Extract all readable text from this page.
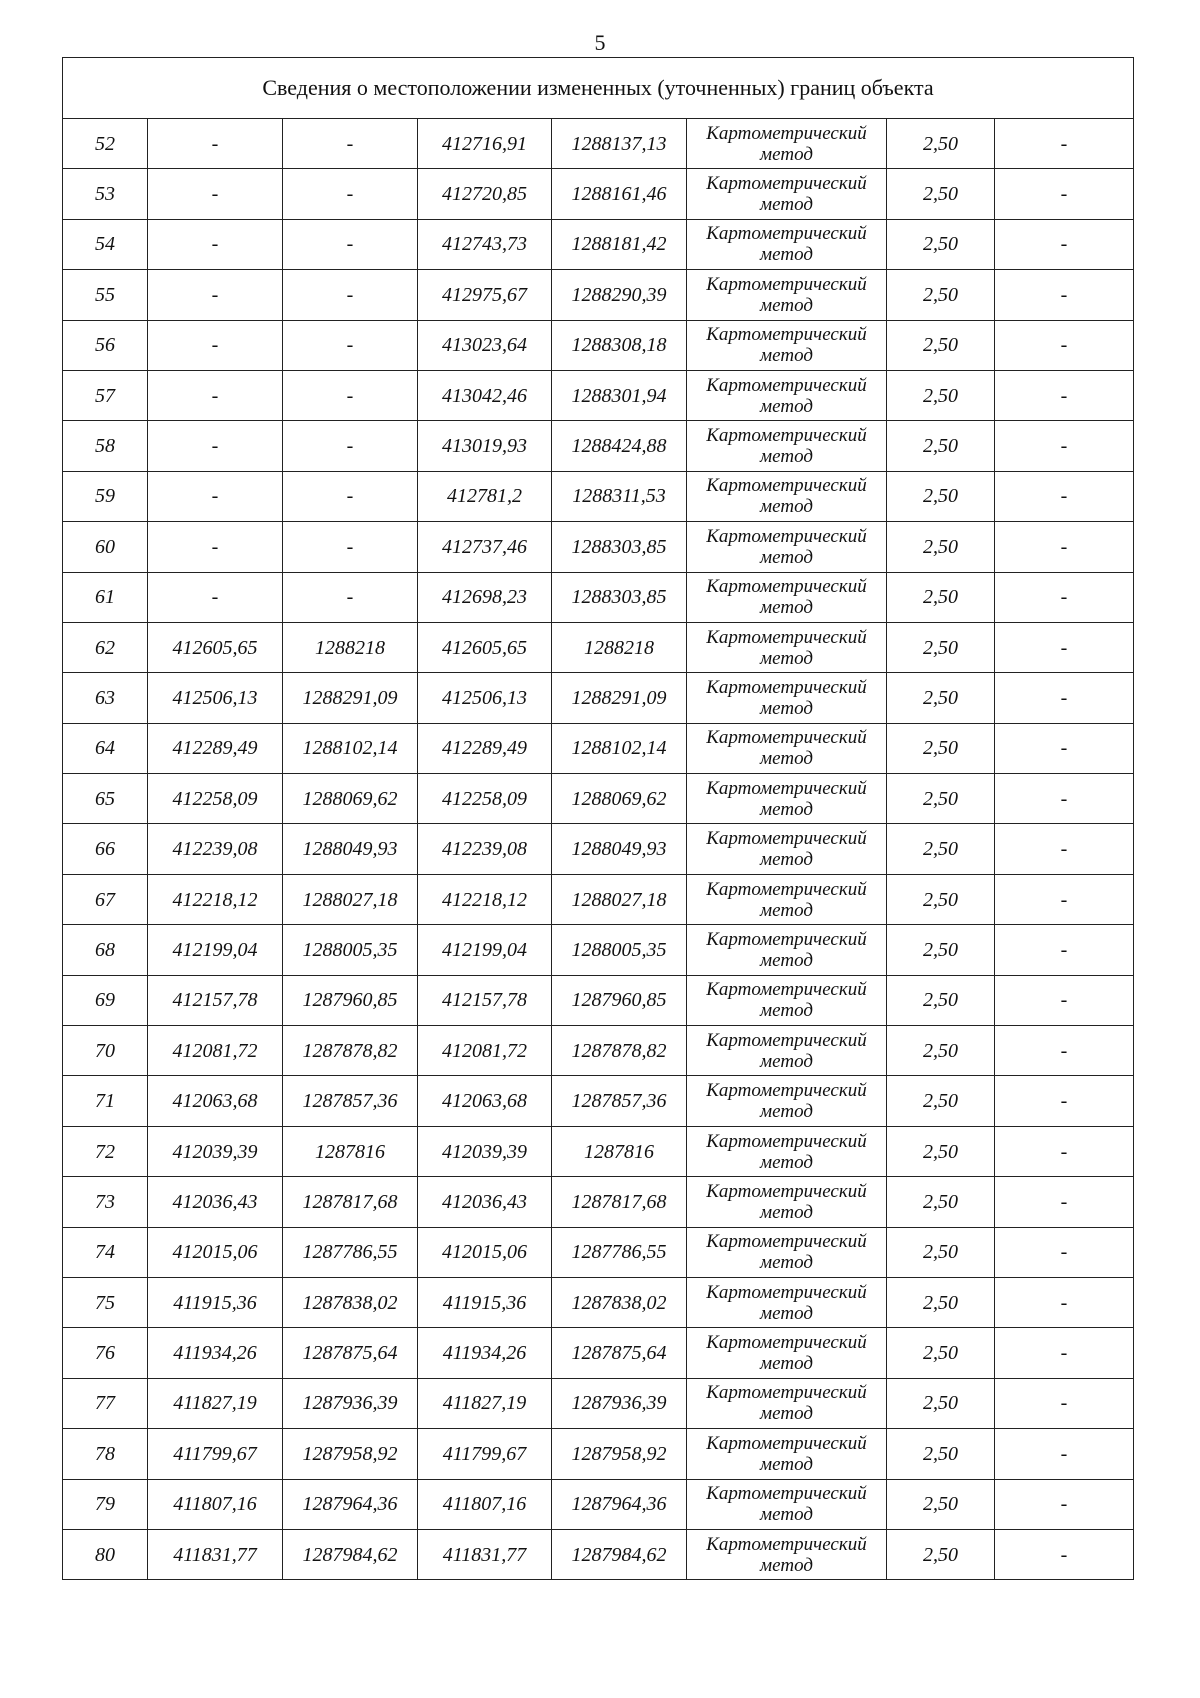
5
Сведения о местоположении измененных (уточненных) границ объекта							
52	-	-	412716,91	1288137,13	Картометрический метод	2,50	-
53	-	-	412720,85	1288161,46	Картометрический метод	2,50	-
54	-	-	412743,73	1288181,42	Картометрический метод	2,50	-
55	-	-	412975,67	1288290,39	Картометрический метод	2,50	-
56	-	-	413023,64	1288308,18	Картометрический метод	2,50	-
57	-	-	413042,46	1288301,94	Картометрический метод	2,50	-
58	-	-	413019,93	1288424,88	Картометрический метод	2,50	-
59	-	-	412781,2	1288311,53	Картометрический метод	2,50	-
60	-	-	412737,46	1288303,85	Картометрический метод	2,50	-
61	-	-	412698,23	1288303,85	Картометрический метод	2,50	-
62	412605,65	1288218	412605,65	1288218	Картометрический метод	2,50	-
63	412506,13	1288291,09	412506,13	1288291,09	Картометрический метод	2,50	-
64	412289,49	1288102,14	412289,49	1288102,14	Картометрический метод	2,50	-
65	412258,09	1288069,62	412258,09	1288069,62	Картометрический метод	2,50	-
66	412239,08	1288049,93	412239,08	1288049,93	Картометрический метод	2,50	-
67	412218,12	1288027,18	412218,12	1288027,18	Картометрический метод	2,50	-
68	412199,04	1288005,35	412199,04	1288005,35	Картометрический метод	2,50	-
69	412157,78	1287960,85	412157,78	1287960,85	Картометрический метод	2,50	-
70	412081,72	1287878,82	412081,72	1287878,82	Картометрический метод	2,50	-
71	412063,68	1287857,36	412063,68	1287857,36	Картометрический метод	2,50	-
72	412039,39	1287816	412039,39	1287816	Картометрический метод	2,50	-
73	412036,43	1287817,68	412036,43	1287817,68	Картометрический метод	2,50	-
74	412015,06	1287786,55	412015,06	1287786,55	Картометрический метод	2,50	-
75	411915,36	1287838,02	411915,36	1287838,02	Картометрический метод	2,50	-
76	411934,26	1287875,64	411934,26	1287875,64	Картометрический метод	2,50	-
77	411827,19	1287936,39	411827,19	1287936,39	Картометрический метод	2,50	-
78	411799,67	1287958,92	411799,67	1287958,92	Картометрический метод	2,50	-
79	411807,16	1287964,36	411807,16	1287964,36	Картометрический метод	2,50	-
80	411831,77	1287984,62	411831,77	1287984,62	Картометрический метод	2,50	-
